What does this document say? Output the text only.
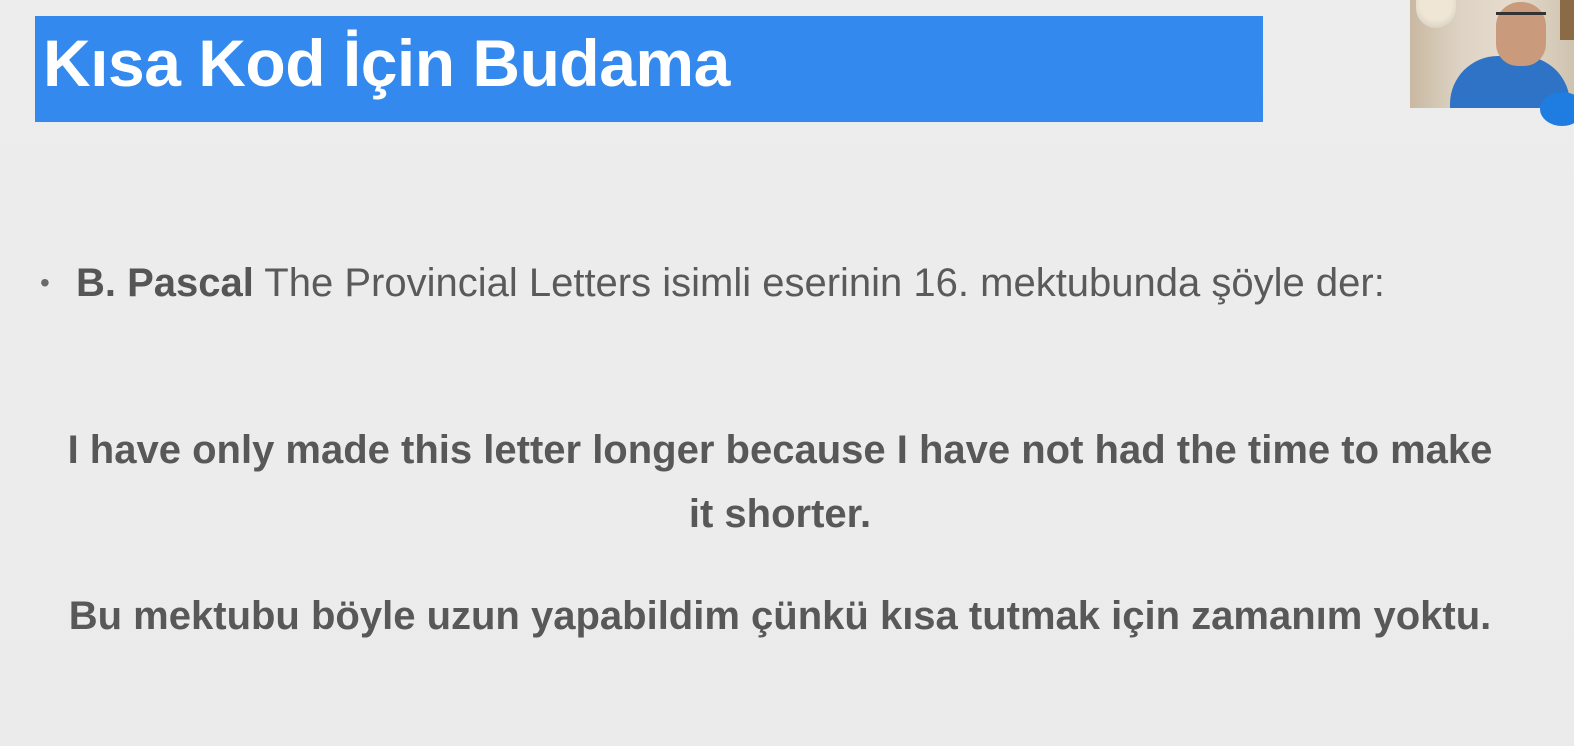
Kısa Kod İçin Budama
• B. Pascal The Provincial Letters isimli eserinin 16. mektubunda şöyle der:
I have only made this letter longer because I have not had the time to make it shorter.
Bu mektubu böyle uzun yapabildim çünkü kısa tutmak için zamanım yoktu.
